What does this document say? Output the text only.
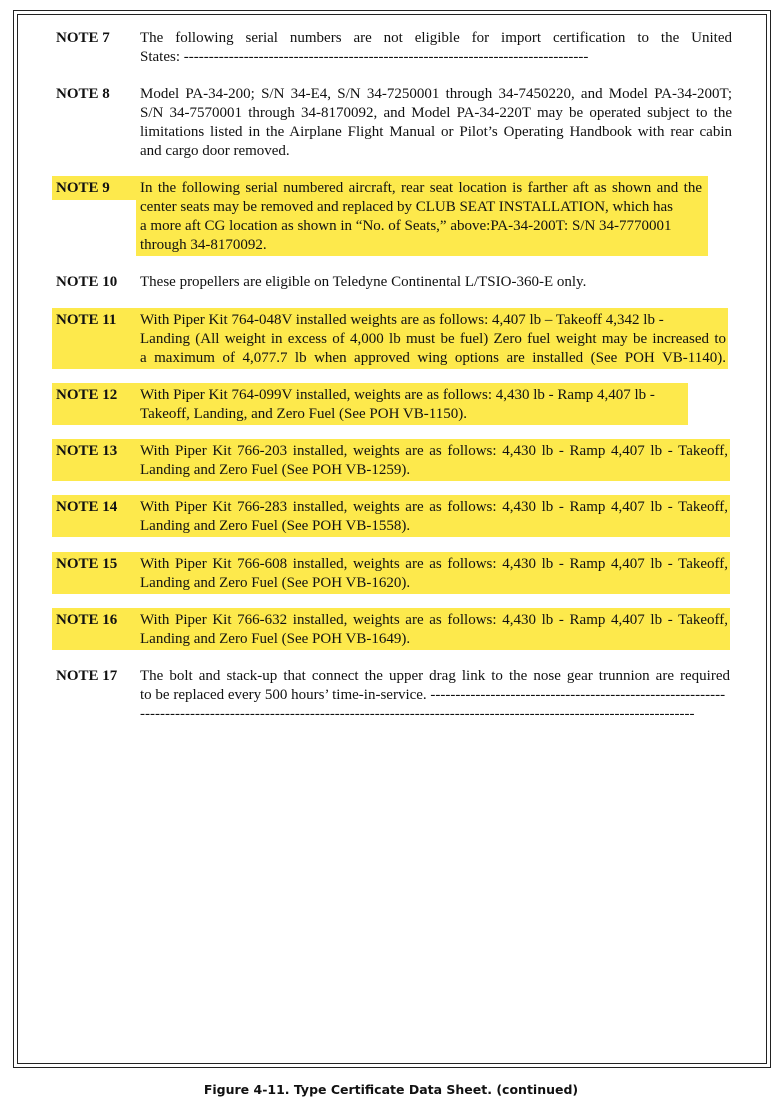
NOTE 7 The following serial numbers are not eligible for import certification to the United
States: ---------------------------------------------------------------------------------
NOTE 8 Model PA-34-200; S/N 34-E4, S/N 34-7250001 through 34-7450220, and Model PA-34-200T;
S/N 34-7570001 through 34-8170092, and Model PA-34-220T may be operated subject to the
limitations listed in the Airplane Flight Manual or Pilot’s Operating Handbook with rear cabin
and cargo door removed.
NOTE 9 In the following serial numbered aircraft, rear seat location is farther aft as shown and the
center seats may be removed and replaced by CLUB SEAT INSTALLATION, which has
a more aft CG location as shown in “No. of Seats,” above:PA-34-200T: S/N 34-7770001
through 34-8170092.
NOTE 10 These propellers are eligible on Teledyne Continental L/TSIO-360-E only.
NOTE 11 With Piper Kit 764-048V installed weights are as follows: 4,407 lb – Takeoff 4,342 lb -
Landing (All weight in excess of 4,000 lb must be fuel) Zero fuel weight may be increased to
a maximum of 4,077.7 lb when approved wing options are installed (See POH VB-1140).
NOTE 12 With Piper Kit 764-099V installed, weights are as follows: 4,430 lb - Ramp 4,407 lb -
Takeoff, Landing, and Zero Fuel (See POH VB-1150).
NOTE 13 With Piper Kit 766-203 installed, weights are as follows: 4,430 lb - Ramp 4,407 lb - Takeoff,
Landing and Zero Fuel (See POH VB-1259).
NOTE 14 With Piper Kit 766-283 installed, weights are as follows: 4,430 lb - Ramp 4,407 lb - Takeoff,
Landing and Zero Fuel (See POH VB-1558).
NOTE 15 With Piper Kit 766-608 installed, weights are as follows: 4,430 lb - Ramp 4,407 lb - Takeoff,
Landing and Zero Fuel (See POH VB-1620).
NOTE 16 With Piper Kit 766-632 installed, weights are as follows: 4,430 lb - Ramp 4,407 lb - Takeoff,
Landing and Zero Fuel (See POH VB-1649).
NOTE 17 The bolt and stack-up that connect the upper drag link to the nose gear trunnion are required
to be replaced every 500 hours’ time-in-service. -----------------------------------------------------------
---------------------------------------------------------------------------------------------------------------
Figure 4-11. Type Certificate Data Sheet. (continued)
